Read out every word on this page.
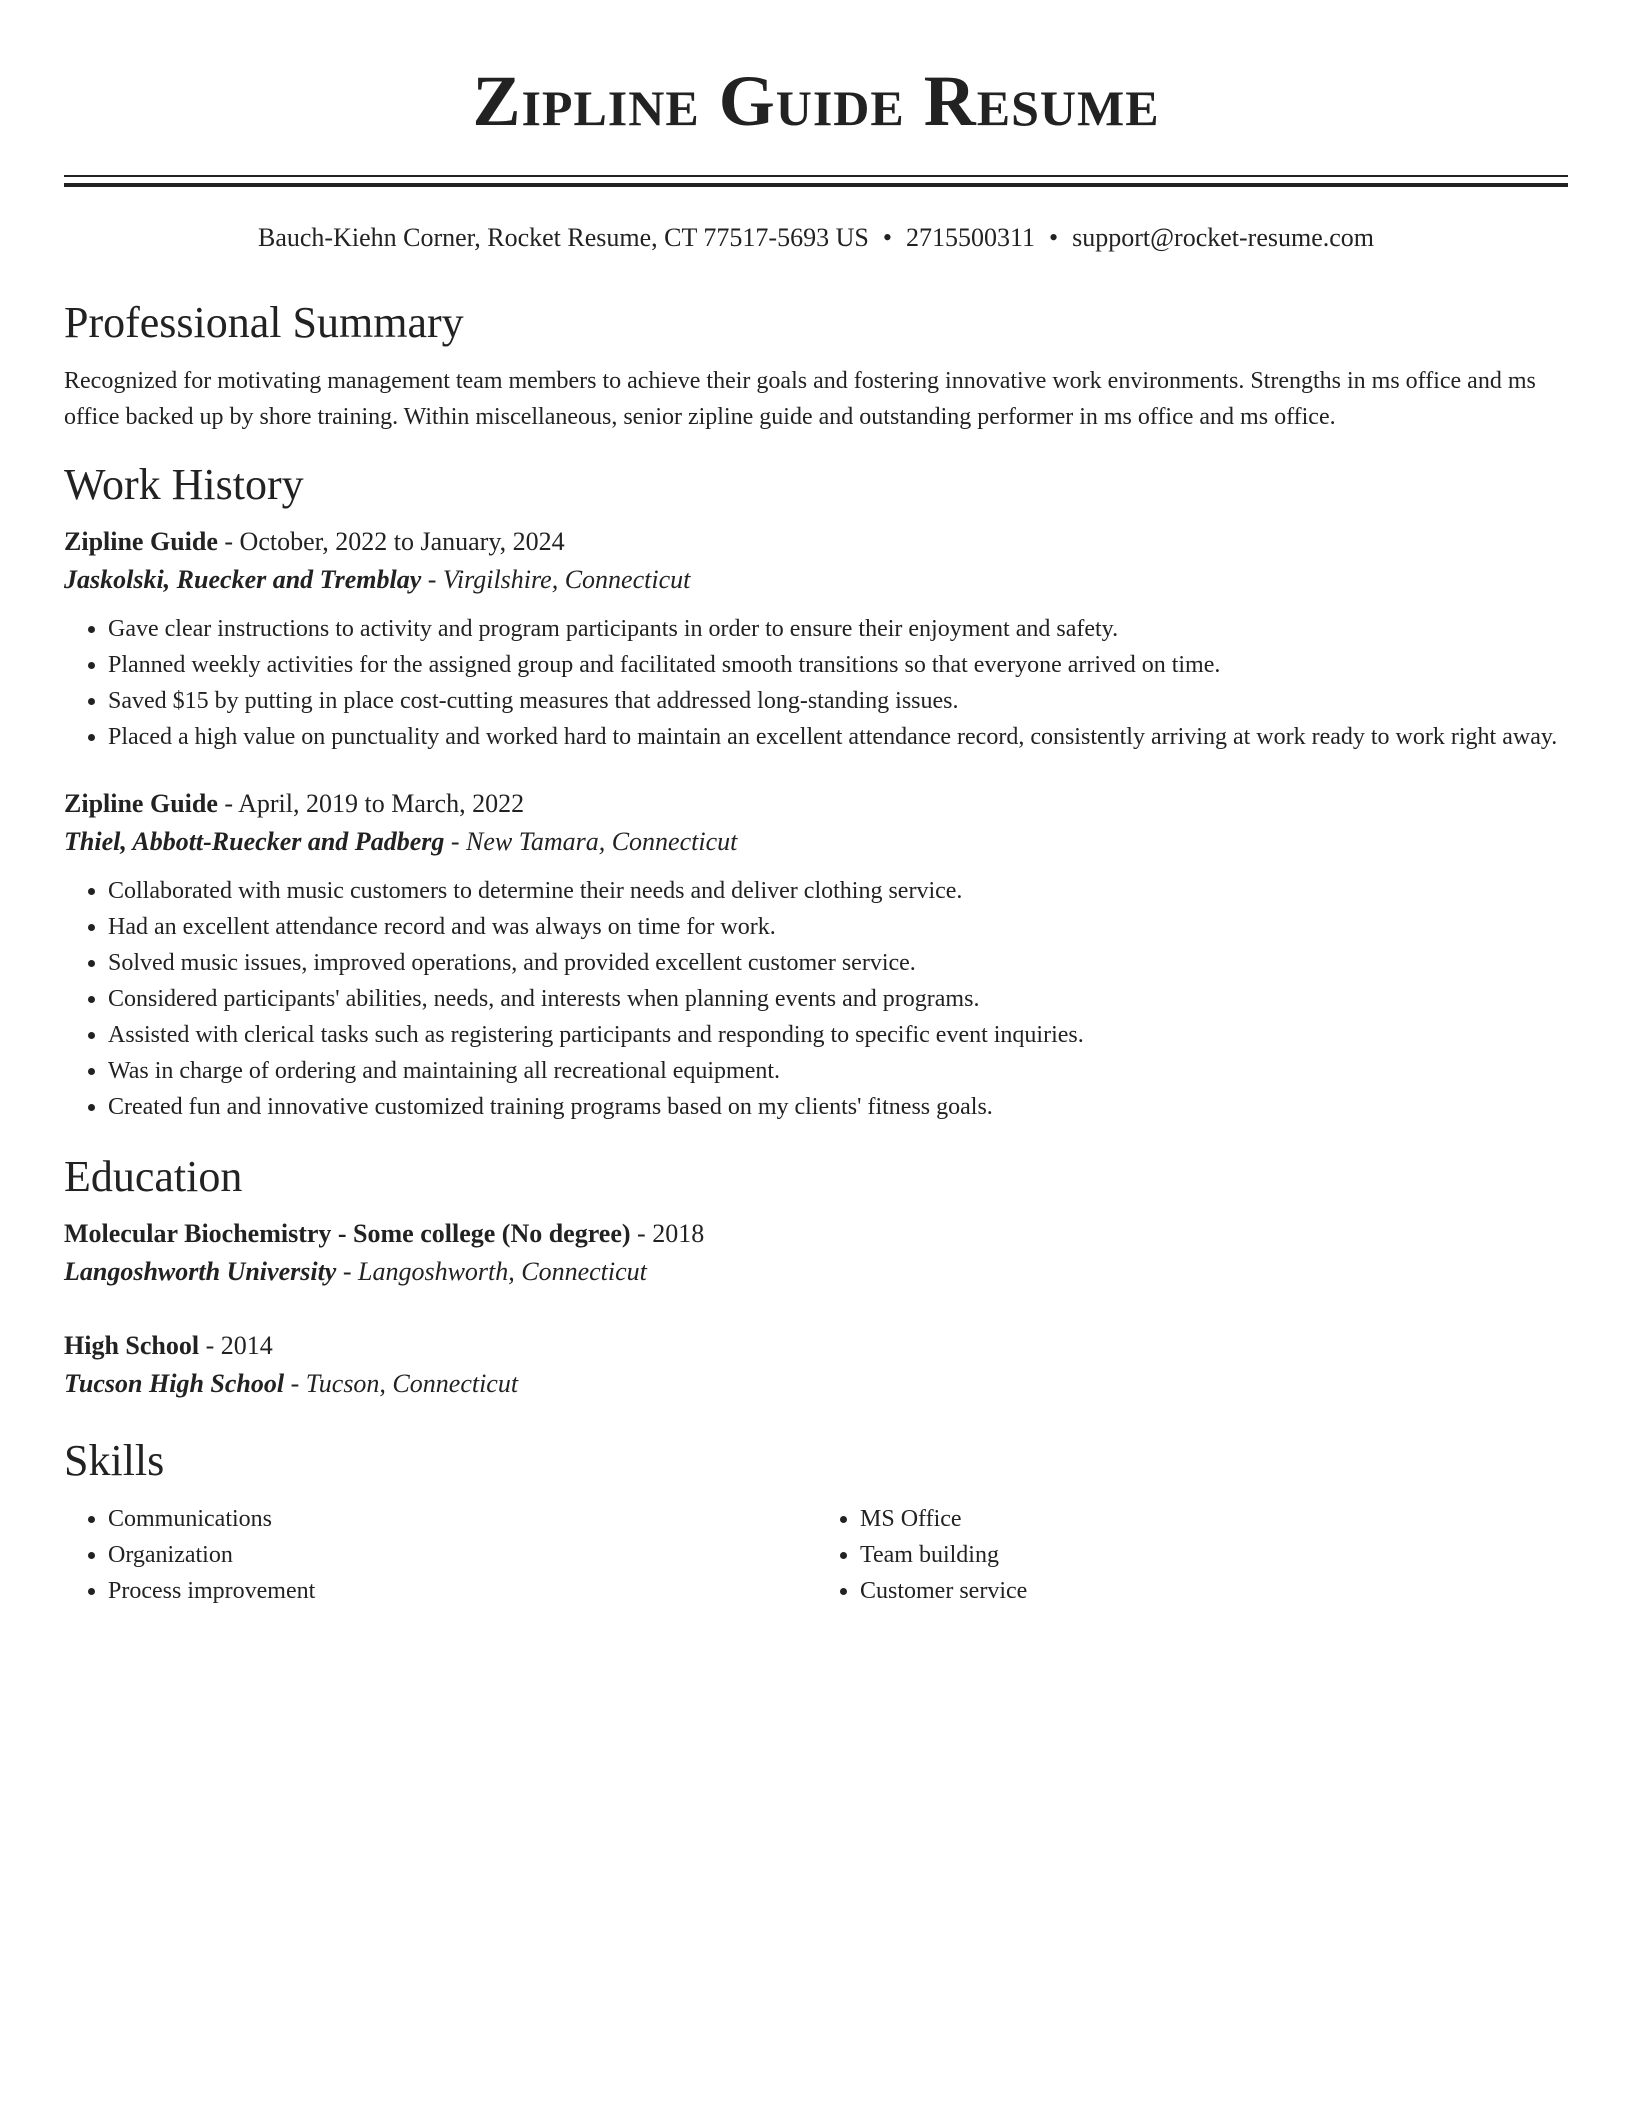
Zipline Guide Resume
Bauch-Kiehn Corner, Rocket Resume, CT 77517-5693 US • 2715500311 • support@rocket-resume.com
Professional Summary

Recognized for motivating management team members to achieve their goals and fostering innovative work environments. Strengths in ms office and ms office backed up by shore training. Within miscellaneous, senior zipline guide and outstanding performer in ms office and ms office.

Work History
Zipline Guide - October, 2022 to January, 2024
Jaskolski, Ruecker and Tremblay - Virgilshire, Connecticut
• Gave clear instructions to activity and program participants in order to ensure their enjoyment and safety.
• Planned weekly activities for the assigned group and facilitated smooth transitions so that everyone arrived on time.
• Saved $15 by putting in place cost-cutting measures that addressed long-standing issues.
• Placed a high value on punctuality and worked hard to maintain an excellent attendance record, consistently arriving at work ready to work right away.
Zipline Guide - April, 2019 to March, 2022
Thiel, Abbott-Ruecker and Padberg - New Tamara, Connecticut
• Collaborated with music customers to determine their needs and deliver clothing service.
• Had an excellent attendance record and was always on time for work.
• Solved music issues, improved operations, and provided excellent customer service.
• Considered participants' abilities, needs, and interests when planning events and programs.
• Assisted with clerical tasks such as registering participants and responding to specific event inquiries.
• Was in charge of ordering and maintaining all recreational equipment.
• Created fun and innovative customized training programs based on my clients' fitness goals.
Education
Molecular Biochemistry - Some college (No degree) - 2018
Langoshworth University - Langoshworth, Connecticut
High School - 2014
Tucson High School - Tucson, Connecticut
Skills
• Communications
• Organization
• Process improvement
• MS Office
• Team building
• Customer service
